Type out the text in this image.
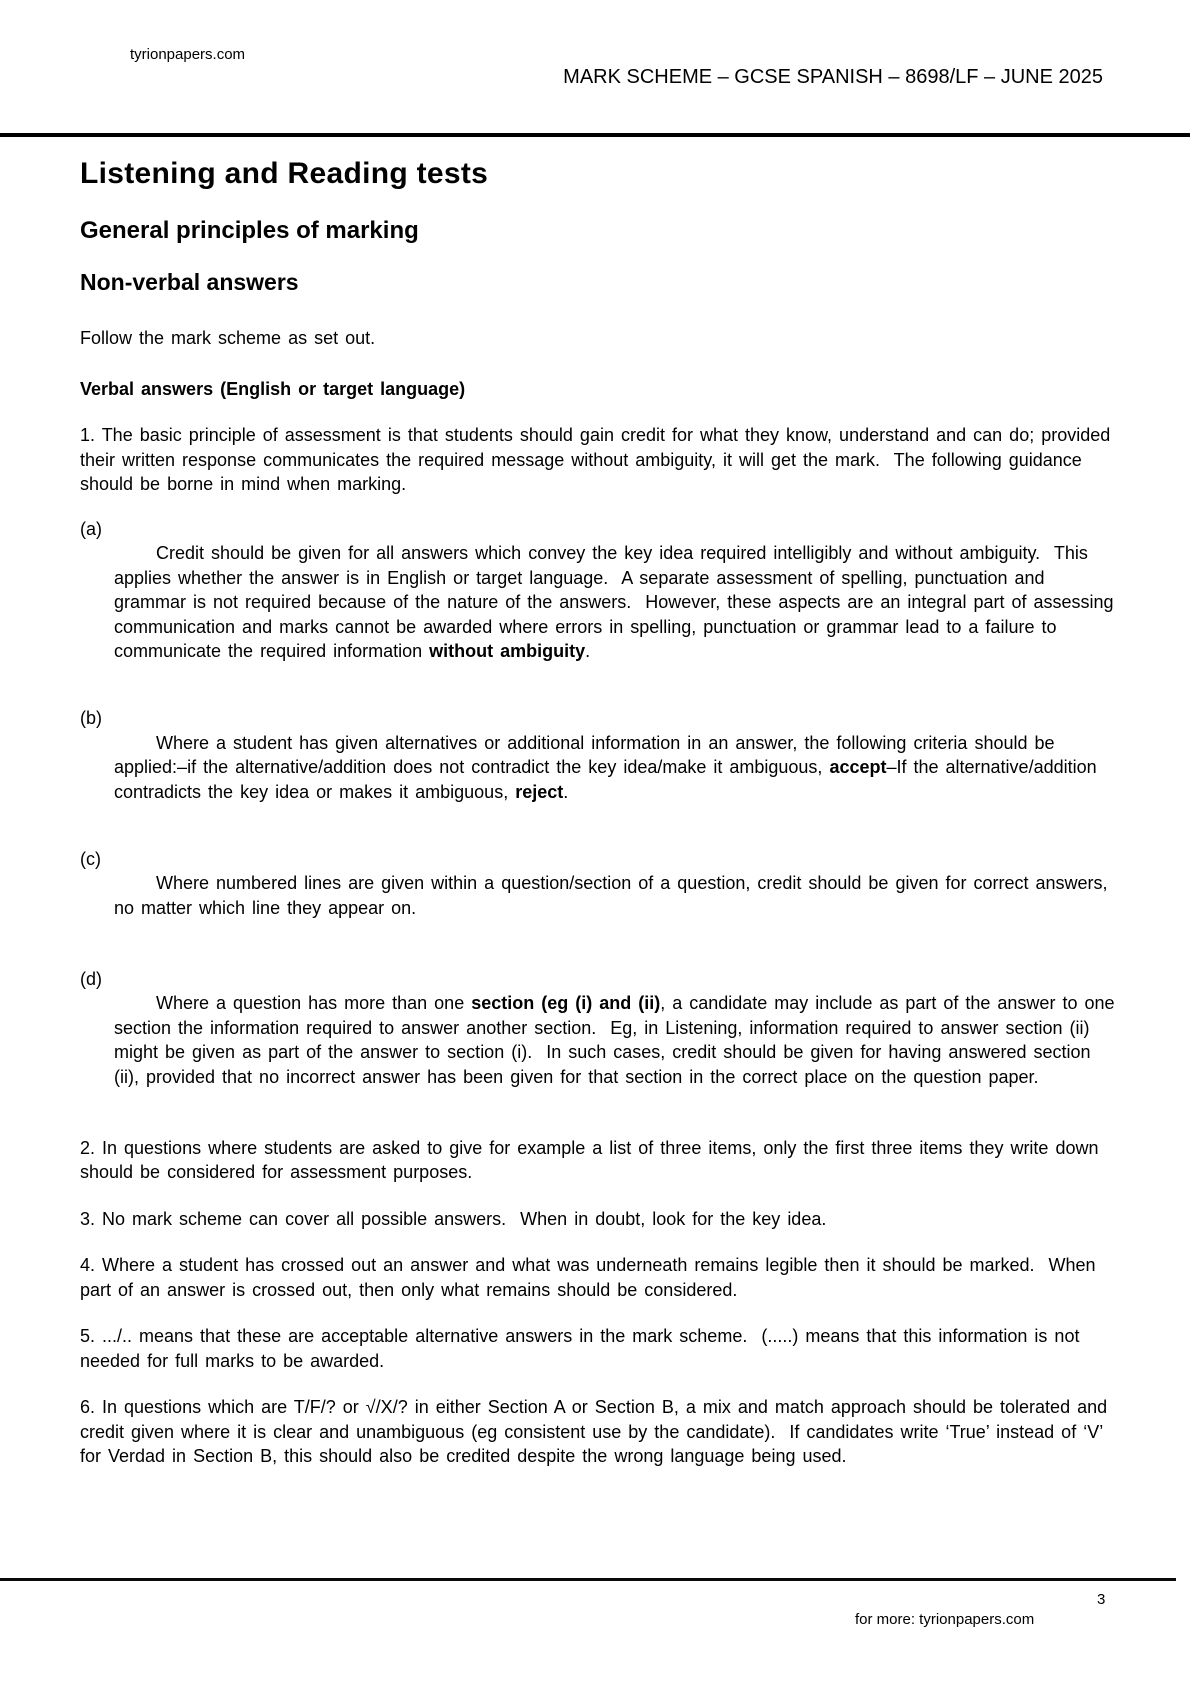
tyrionpapers.com
MARK SCHEME – GCSE SPANISH – 8698/LF – JUNE 2025
Listening and Reading tests
General principles of marking
Non-verbal answers
Follow the mark scheme as set out.
Verbal answers (English or target language)
1. The basic principle of assessment is that students should gain credit for what they know, understand and can do; provided their written response communicates the required message without ambiguity, it will get the mark.  The following guidance should be borne in mind when marking.

(a)
Credit should be given for all answers which convey the key idea required intelligibly and without ambiguity.  This applies whether the answer is in English or target language.  A separate assessment of spelling, punctuation and grammar is not required because of the nature of the answers.  However, these aspects are an integral part of assessing communication and marks cannot be awarded where errors in spelling, punctuation or grammar lead to a failure to communicate the required information without ambiguity.

(b)
Where a student has given alternatives or additional information in an answer, the following criteria should be applied:–if the alternative/addition does not contradict the key idea/make it ambiguous, accept–If the alternative/addition contradicts the key idea or makes it ambiguous, reject.

(c)
Where numbered lines are given within a question/section of a question, credit should be given for correct answers, no matter which line they appear on.

(d)
Where a question has more than one section (eg (i) and (ii), a candidate may include as part of the answer to one section the information required to answer another section.  Eg, in Listening, information required to answer section (ii) might be given as part of the answer to section (i).  In such cases, credit should be given for having answered section (ii), provided that no incorrect answer has been given for that section in the correct place on the question paper.

2. In questions where students are asked to give for example a list of three items, only the first three items they write down should be considered for assessment purposes.
3. No mark scheme can cover all possible answers.  When in doubt, look for the key idea.
4. Where a student has crossed out an answer and what was underneath remains legible then it should be marked.  When part of an answer is crossed out, then only what remains should be considered.
5. .../.. means that these are acceptable alternative answers in the mark scheme.  (.....) means that this information is not needed for full marks to be awarded.
6. In questions which are T/F/? or √/X/? in either Section A or Section B, a mix and match approach should be tolerated and credit given where it is clear and unambiguous (eg consistent use by the candidate).  If candidates write ‘True’ instead of ‘V’ for Verdad in Section B, this should also be credited despite the wrong language being used.
3
for more: tyrionpapers.com
